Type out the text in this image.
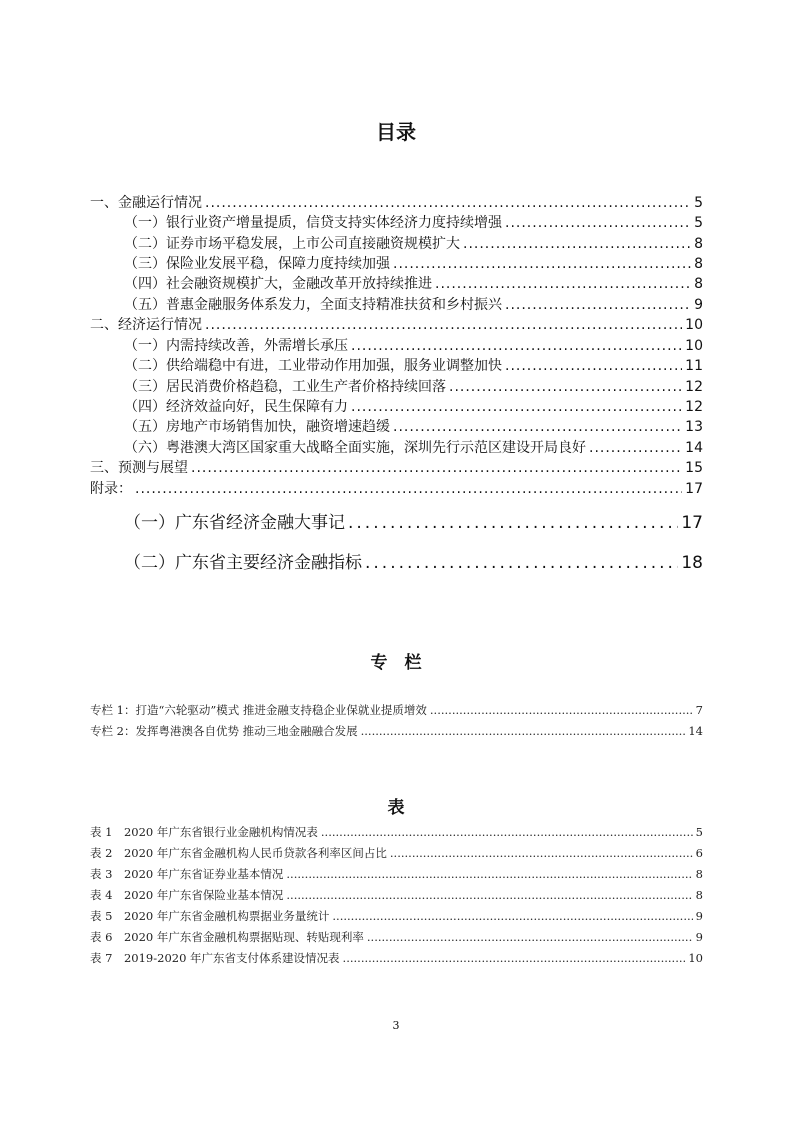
目录
专　栏
表
一、金融运行情况 .....	5
（一）银行业资产增量提质，信贷支持实体经济力度持续增强 .....	5
（二）证券市场平稳发展，上市公司直接融资规模扩大 .....	8
（三）保险业发展平稳，保障力度持续加强 .....	8
（四）社会融资规模扩大，金融改革开放持续推进 .....	8
（五）普惠金融服务体系发力，全面支持精准扶贫和乡村振兴 .....	9
二、经济运行情况 .....	10
（一）内需持续改善，外需增长承压 .....	10
（二）供给端稳中有进，工业带动作用加强，服务业调整加快 .....	11
（三）居民消费价格趋稳，工业生产者价格持续回落 .....	12
（四）经济效益向好，民生保障有力 .....	12
（五）房地产市场销售加快，融资增速趋缓 .....	13
（六）粤港澳大湾区国家重大战略全面实施，深圳先行示范区建设开局良好 .....	14
三、预测与展望 .....	15
附录： .....	17
（一）广东省经济金融大事记 .....	17
（二）广东省主要经济金融指标 .....	18
专栏 1：打造“六轮驱动”模式 推进金融支持稳企业保就业提质增效 .....	7
专栏 2：发挥粤港澳各自优势 推动三地金融融合发展 .....	14
表 1　2020 年广东省银行业金融机构情况表 .....	5
表 2　2020 年广东省金融机构人民币贷款各利率区间占比 .....	6
表 3　2020 年广东省证券业基本情况 .....	8
表 4　2020 年广东省保险业基本情况 .....	8
表 5　2020 年广东省金融机构票据业务量统计 .....	9
表 6　2020 年广东省金融机构票据贴现、转贴现利率 .....	9
表 7　2019-2020 年广东省支付体系建设情况表 .....	10
3
